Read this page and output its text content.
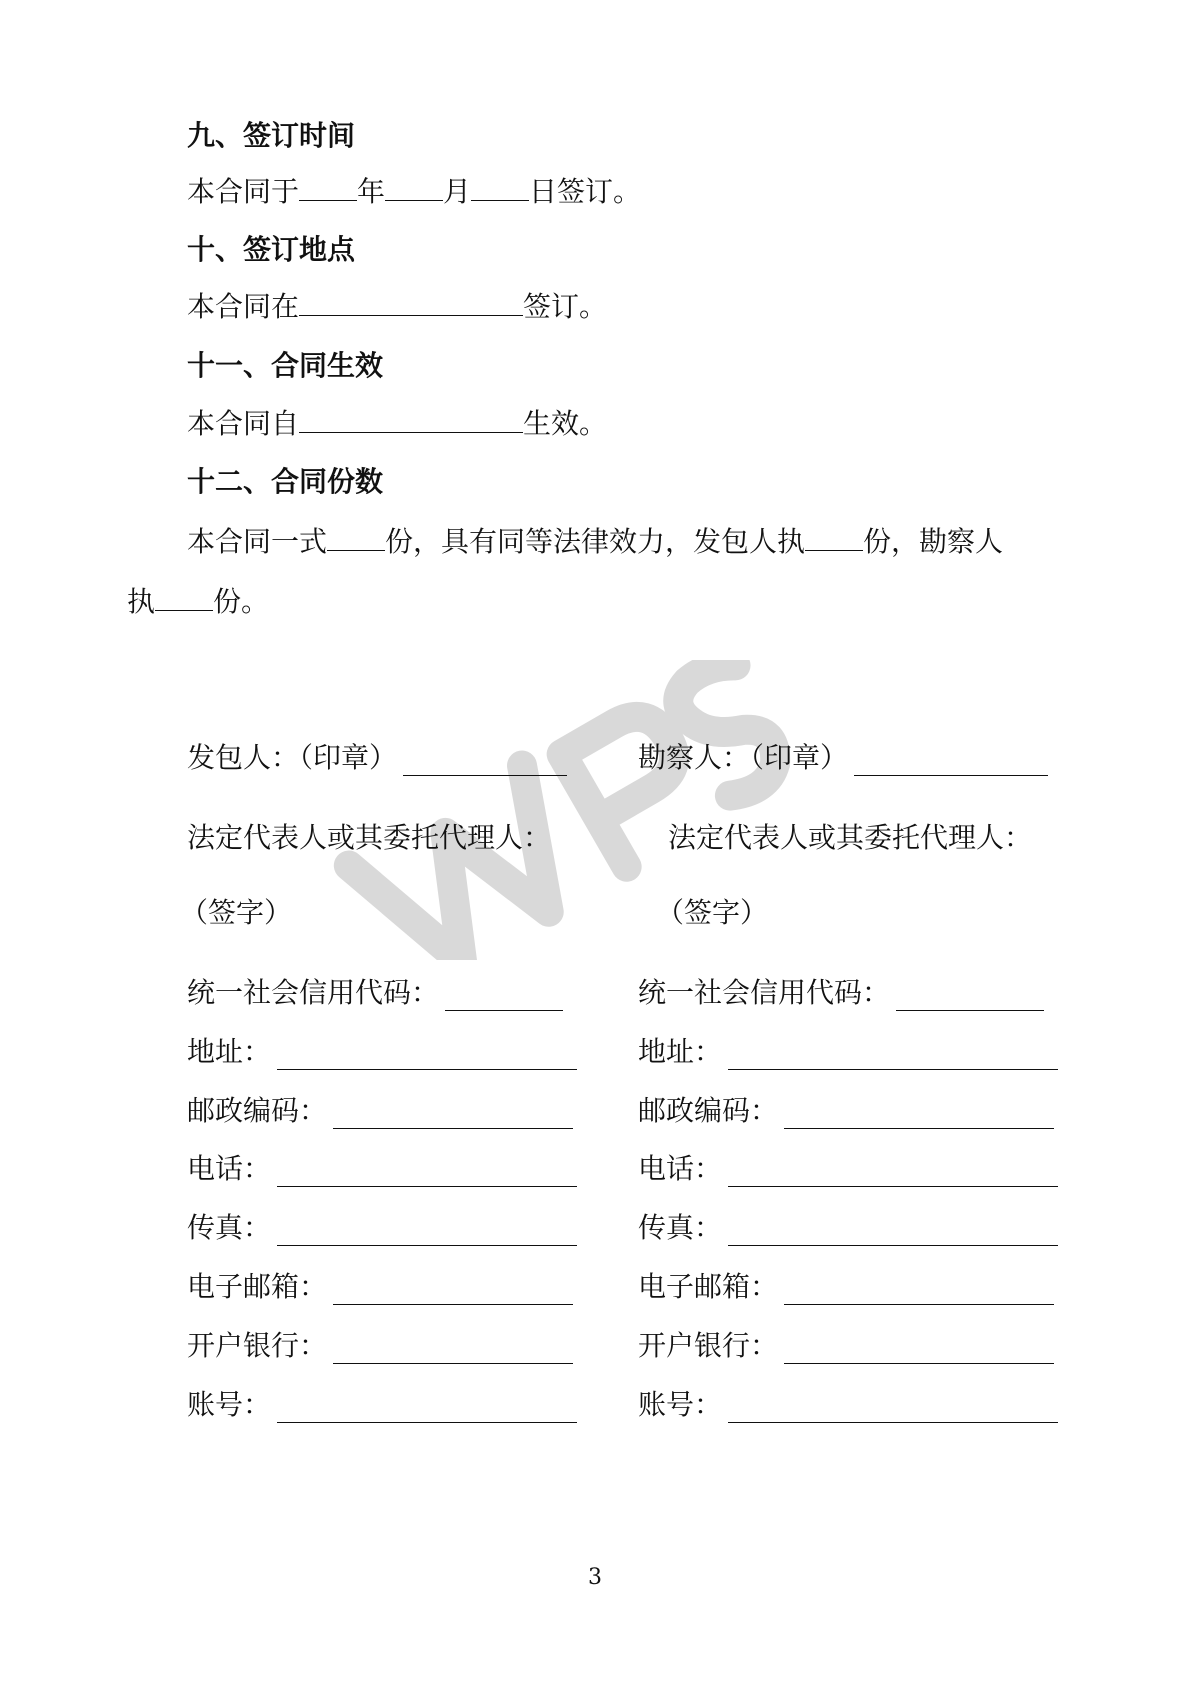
九、签订时间
本合同于 年 月 日签订。
十、签订地点
本合同在	签订。
十一、合同生效
本合同自	生效。
十二、合同份数
本合同一式 份，具有同等法律效力，发包人执 份，勘察人
执 份。
发包人：（印章）
法定代表人或其委托代理人：
（签字）
统一社会信用代码：
地址：
邮政编码：
电话：
传真：
电子邮箱：
开户银行：
账号：
勘察人：（印章）
法定代表人或其委托代理人：
（签字）
统一社会信用代码：
地址：
邮政编码：
电话：
传真：
电子邮箱：
开户银行：
账号：
3
